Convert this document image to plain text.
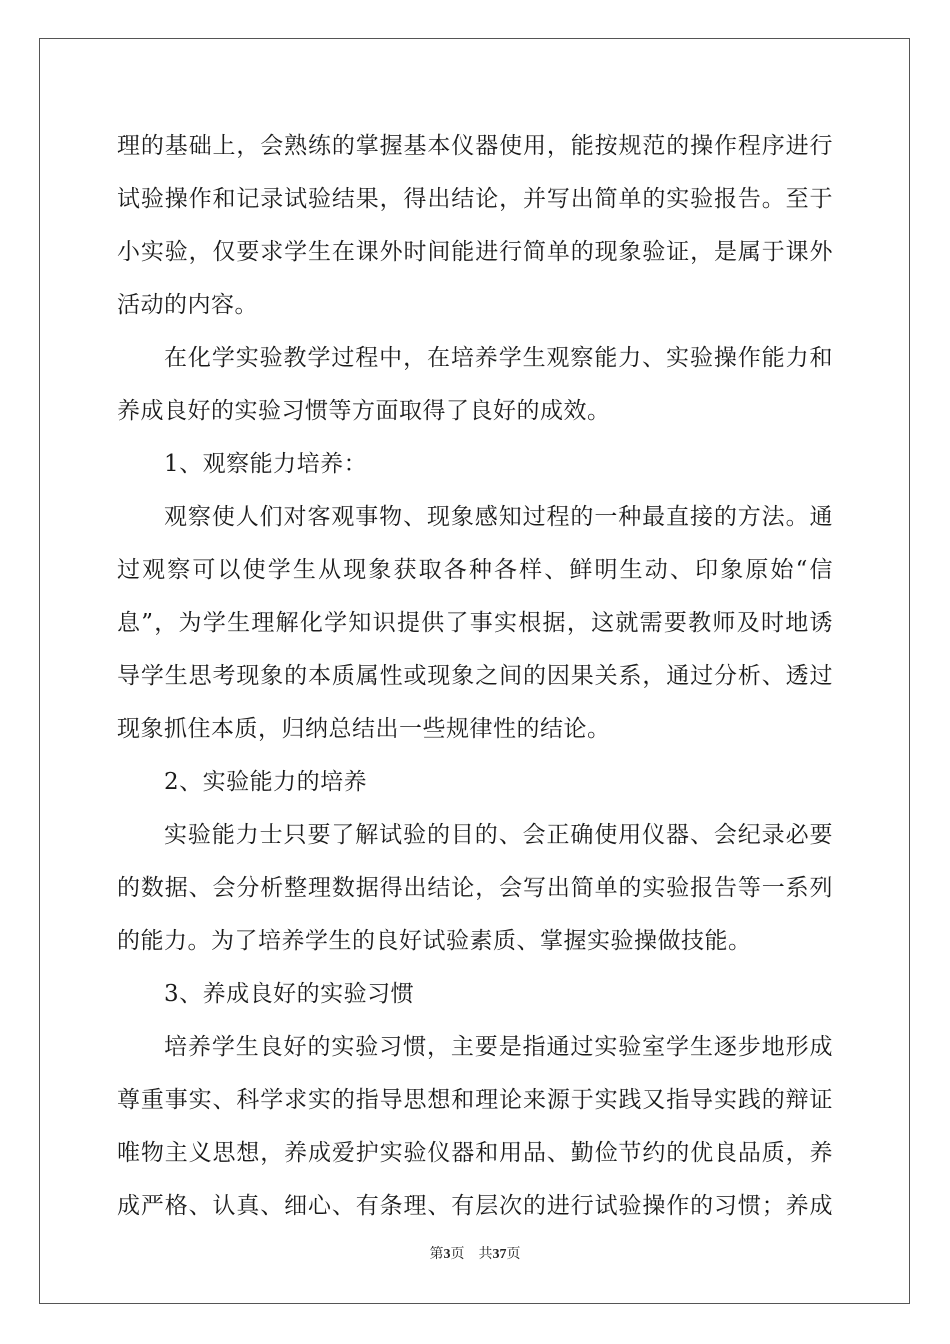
理的基础上，会熟练的掌握基本仪器使用，能按规范的操作程序进行
试验操作和记录试验结果，得出结论，并写出简单的实验报告。至于
小实验，仅要求学生在课外时间能进行简单的现象验证，是属于课外
活动的内容。
在化学实验教学过程中，在培养学生观察能力、实验操作能力和
养成良好的实验习惯等方面取得了良好的成效。
1、观察能力培养：
观察使人们对客观事物、现象感知过程的一种最直接的方法。通
过观察可以使学生从现象获取各种各样、鲜明生动、印象原始“信
息”，为学生理解化学知识提供了事实根据，这就需要教师及时地诱
导学生思考现象的本质属性或现象之间的因果关系，通过分析、透过
现象抓住本质，归纳总结出一些规律性的结论。
2、实验能力的培养
实验能力士只要了解试验的目的、会正确使用仪器、会纪录必要
的数据、会分析整理数据得出结论，会写出简单的实验报告等一系列
的能力。为了培养学生的良好试验素质、掌握实验操做技能。
3、养成良好的实验习惯
培养学生良好的实验习惯，主要是指通过实验室学生逐步地形成
尊重事实、科学求实的指导思想和理论来源于实践又指导实践的辩证
唯物主义思想，养成爱护实验仪器和用品、勤俭节约的优良品质，养
成严格、认真、细心、有条理、有层次的进行试验操作的习惯；养成
第3页 共37页
